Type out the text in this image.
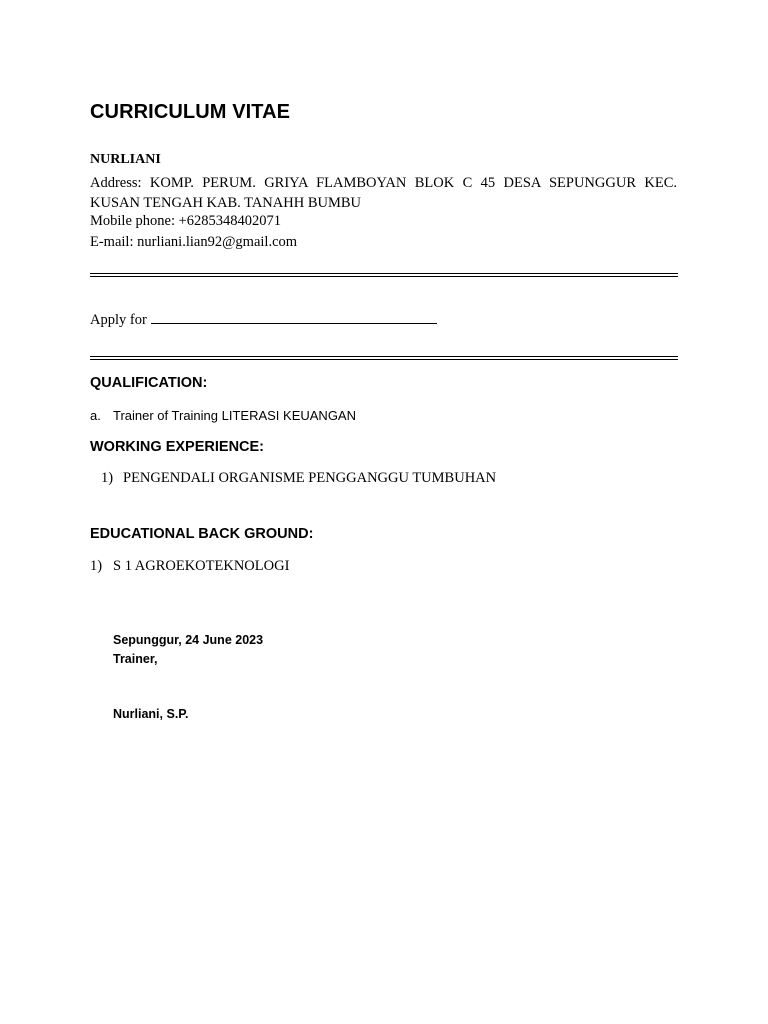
CURRICULUM VITAE
NURLIANI
Address: KOMP. PERUM. GRIYA FLAMBOYAN BLOK C 45 DESA SEPUNGGUR KEC. KUSAN TENGAH KAB. TANAHH BUMBU
Mobile phone: +6285348402071
E-mail: nurliani.lian92@gmail.com
Apply for
QUALIFICATION:
a. Trainer of Training LITERASI KEUANGAN
WORKING EXPERIENCE:
1) PENGENDALI ORGANISME PENGGANGGU TUMBUHAN
EDUCATIONAL BACK GROUND:
1) S 1 AGROEKOTEKNOLOGI
Sepunggur, 24 June 2023
Trainer,
Nurliani, S.P.
